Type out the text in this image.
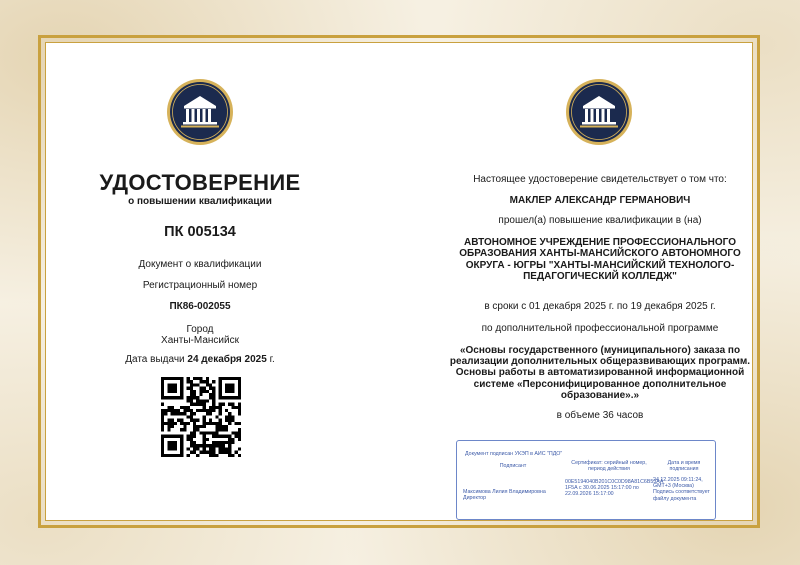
УДОСТОВЕРЕНИЕ
о повышении квалификации
ПК 005134
Документ о квалификации
Регистрационный номер
ПК86-002055
Город
Ханты-Мансийск
Дата выдачи 24 декабря 2025 г.
Настоящее удостоверение свидетельствует о том что:
МАКЛЕР АЛЕКСАНДР ГЕРМАНОВИЧ
прошел(а) повышение квалификации в (на)
АВТОНОМНОЕ УЧРЕЖДЕНИЕ ПРОФЕССИОНАЛЬНОГО ОБРАЗОВАНИЯ ХАНТЫ-МАНСИЙСКОГО АВТОНОМНОГО ОКРУГА - ЮГРЫ "ХАНТЫ-МАНСИЙСКИЙ ТЕХНОЛОГО-ПЕДАГОГИЧЕСКИЙ КОЛЛЕДЖ"
в сроки с 01 декабря 2025 г. по 19 декабря 2025 г.
по дополнительной профессиональной программе
«Основы государственного (муниципального) заказа по реализации дополнительных общеразвивающих программ. Основы работы в автоматизированной информационной системе «Персонифицированное дополнительное образование».»
в объеме 36 часов
Документ подписан УКЭП в АИС "ПДО"
Подписант	Сертификат: серийный номер, период действия
Дата и время подписания
Максимова Лилия Владимировна Директор
00E5194040B201C0C0D98A81C6B53AA 1F5A с 30.06.2025 15:17:00 по 22.09.2026 15:17:00
24.12.2025 09:11:24, GMT+3 (Москва) Подпись соответствует файлу документа
